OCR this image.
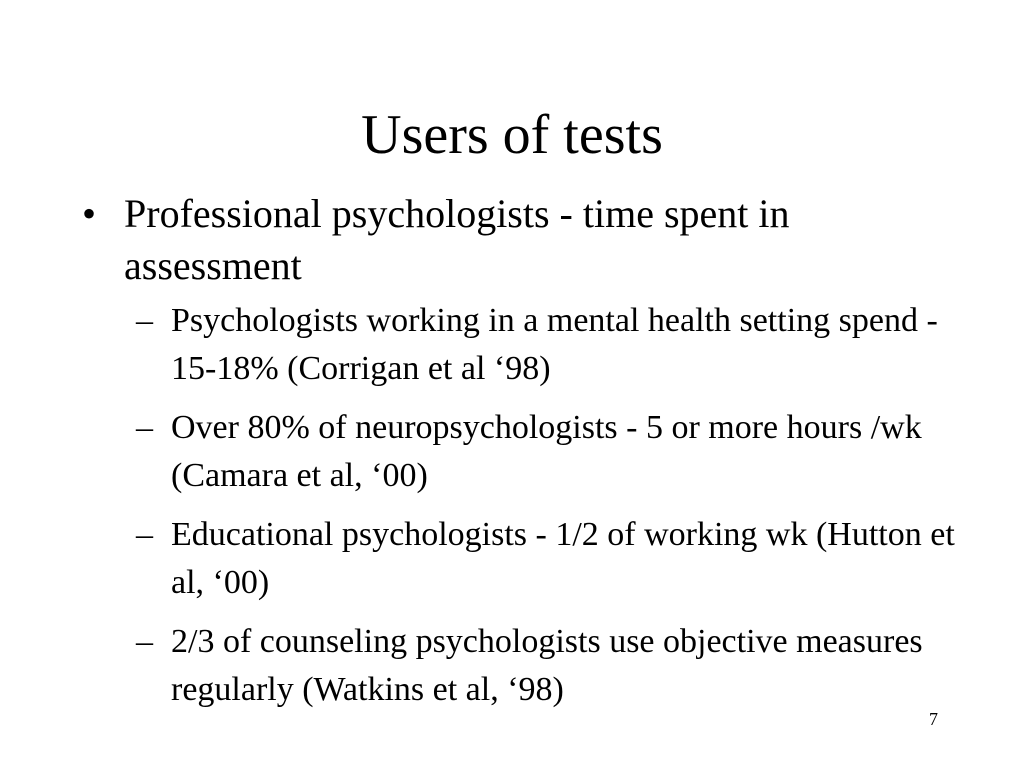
Users of tests
• Professional psychologists - time spent in assessment
– Psychologists working in a mental health setting spend - 15-18% (Corrigan et al ‘98)
– Over 80% of neuropsychologists - 5 or more hours /wk (Camara et al, ‘00)
– Educational psychologists - 1/2 of working wk (Hutton et al, ‘00)
– 2/3 of counseling psychologists use objective measures regularly (Watkins et al, ‘98)
7
